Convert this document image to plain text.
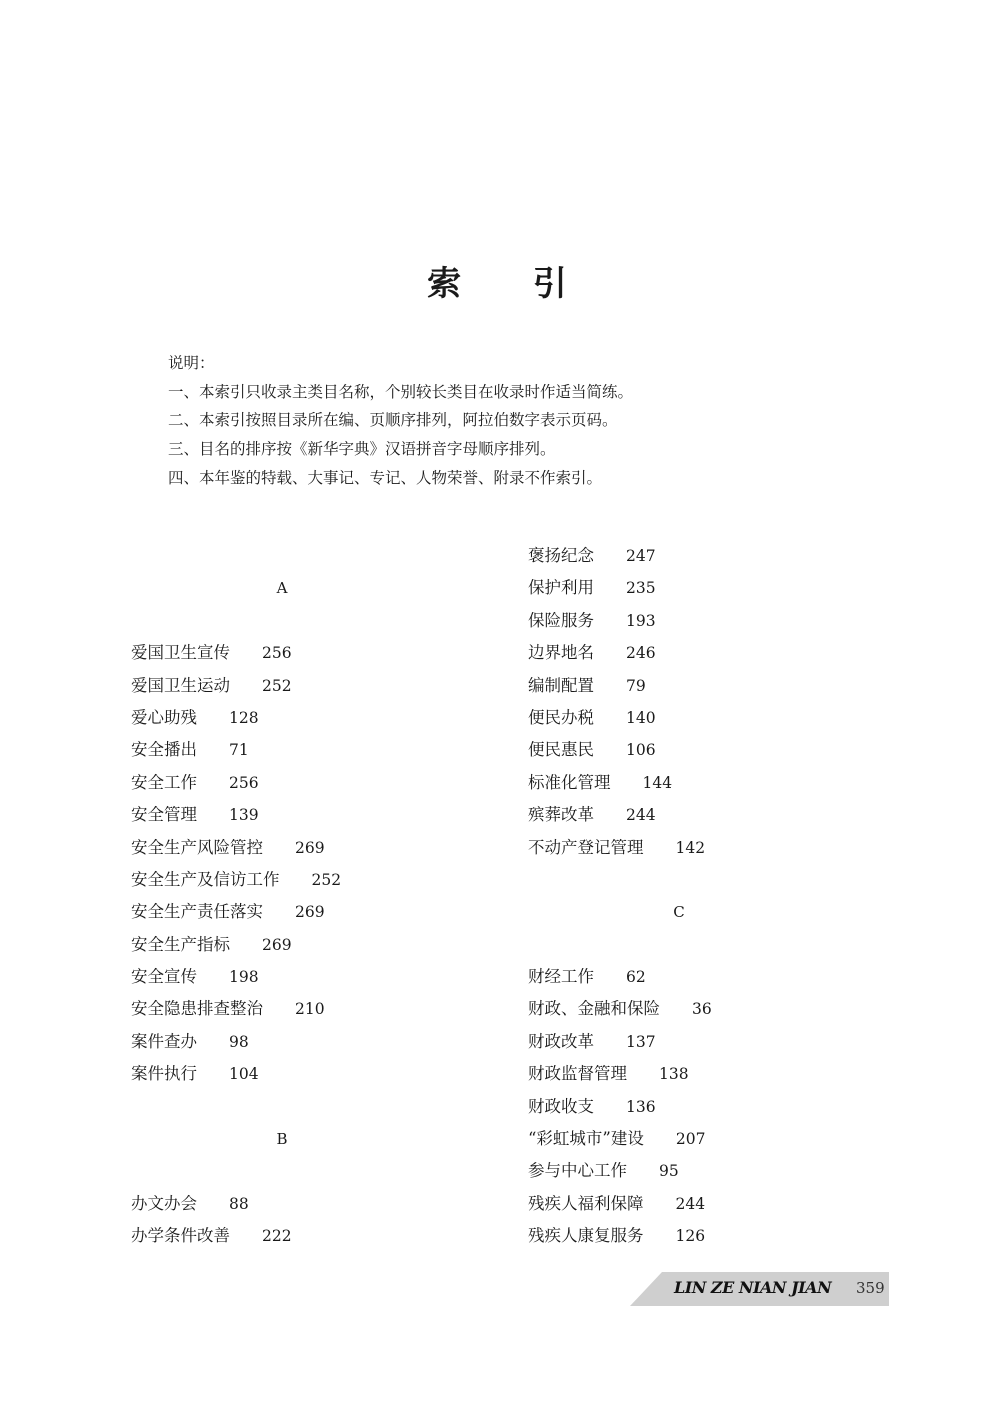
索 引
说明：
一、本索引只收录主类目名称，个别较长类目在收录时作适当简练。
二、本索引按照目录所在编、页顺序排列，阿拉伯数字表示页码。
三、目名的排序按《新华字典》汉语拼音字母顺序排列。
四、本年鉴的特载、大事记、专记、人物荣誉、附录不作索引。
A
爱国卫生宣传 256
爱国卫生运动 252
爱心助残 128
安全播出 71
安全工作 256
安全管理 139
安全生产风险管控 269
安全生产及信访工作 252
安全生产责任落实 269
安全生产指标 269
安全宣传 198
安全隐患排查整治 210
案件查办 98
案件执行 104
B
办文办会 88
办学条件改善 222
褒扬纪念 247
保护利用 235
保险服务 193
边界地名 246
编制配置 79
便民办税 140
便民惠民 106
标准化管理 144
殡葬改革 244
不动产登记管理 142
C
财经工作 62
财政、金融和保险 36
财政改革 137
财政监督管理 138
财政收支 136
“彩虹城市”建设 207
参与中心工作 95
残疾人福利保障 244
残疾人康复服务 126
LIN ZE NIAN JIAN 359
